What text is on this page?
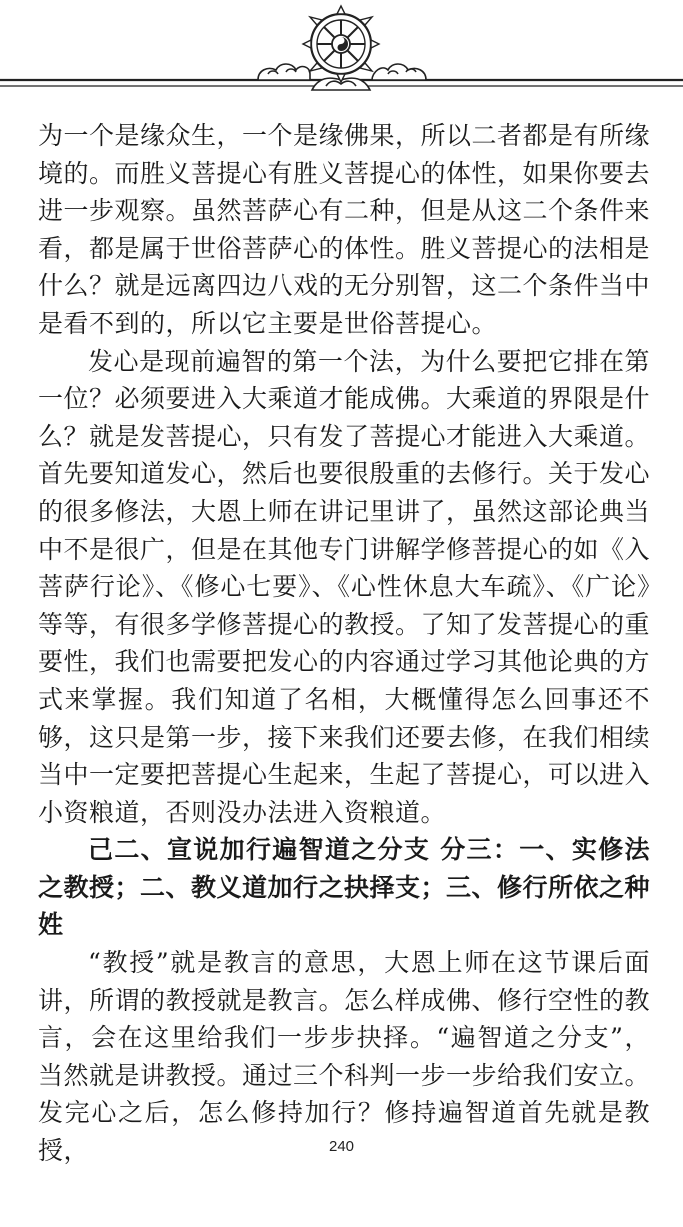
为一个是缘众生，一个是缘佛果，所以二者都是有所缘境的。而胜义菩提心有胜义菩提心的体性，如果你要去进一步观察。虽然菩萨心有二种，但是从这二个条件来看，都是属于世俗菩萨心的体性。胜义菩提心的法相是什么？就是远离四边八戏的无分别智，这二个条件当中是看不到的，所以它主要是世俗菩提心。

发心是现前遍智的第一个法，为什么要把它排在第一位？必须要进入大乘道才能成佛。大乘道的界限是什么？就是发菩提心，只有发了菩提心才能进入大乘道。首先要知道发心，然后也要很殷重的去修行。关于发心的很多修法，大恩上师在讲记里讲了，虽然这部论典当中不是很广，但是在其他专门讲解学修菩提心的如《入菩萨行论》、《修心七要》、《心性休息大车疏》、《广论》等等，有很多学修菩提心的教授。了知了发菩提心的重要性，我们也需要把发心的内容通过学习其他论典的方式来掌握。我们知道了名相，大概懂得怎么回事还不够，这只是第一步，接下来我们还要去修，在我们相续当中一定要把菩提心生起来，生起了菩提心，可以进入小资粮道，否则没办法进入资粮道。

己二、宣说加行遍智道之分支 分三：一、实修法之教授；二、教义道加行之抉择支；三、修行所依之种姓

“教授”就是教言的意思，大恩上师在这节课后面讲，所谓的教授就是教言。怎么样成佛、修行空性的教言，会在这里给我们一步步抉择。“遍智道之分支”，当然就是讲教授。通过三个科判一步一步给我们安立。发完心之后，怎么修持加行？修持遍智道首先就是教授，	240
